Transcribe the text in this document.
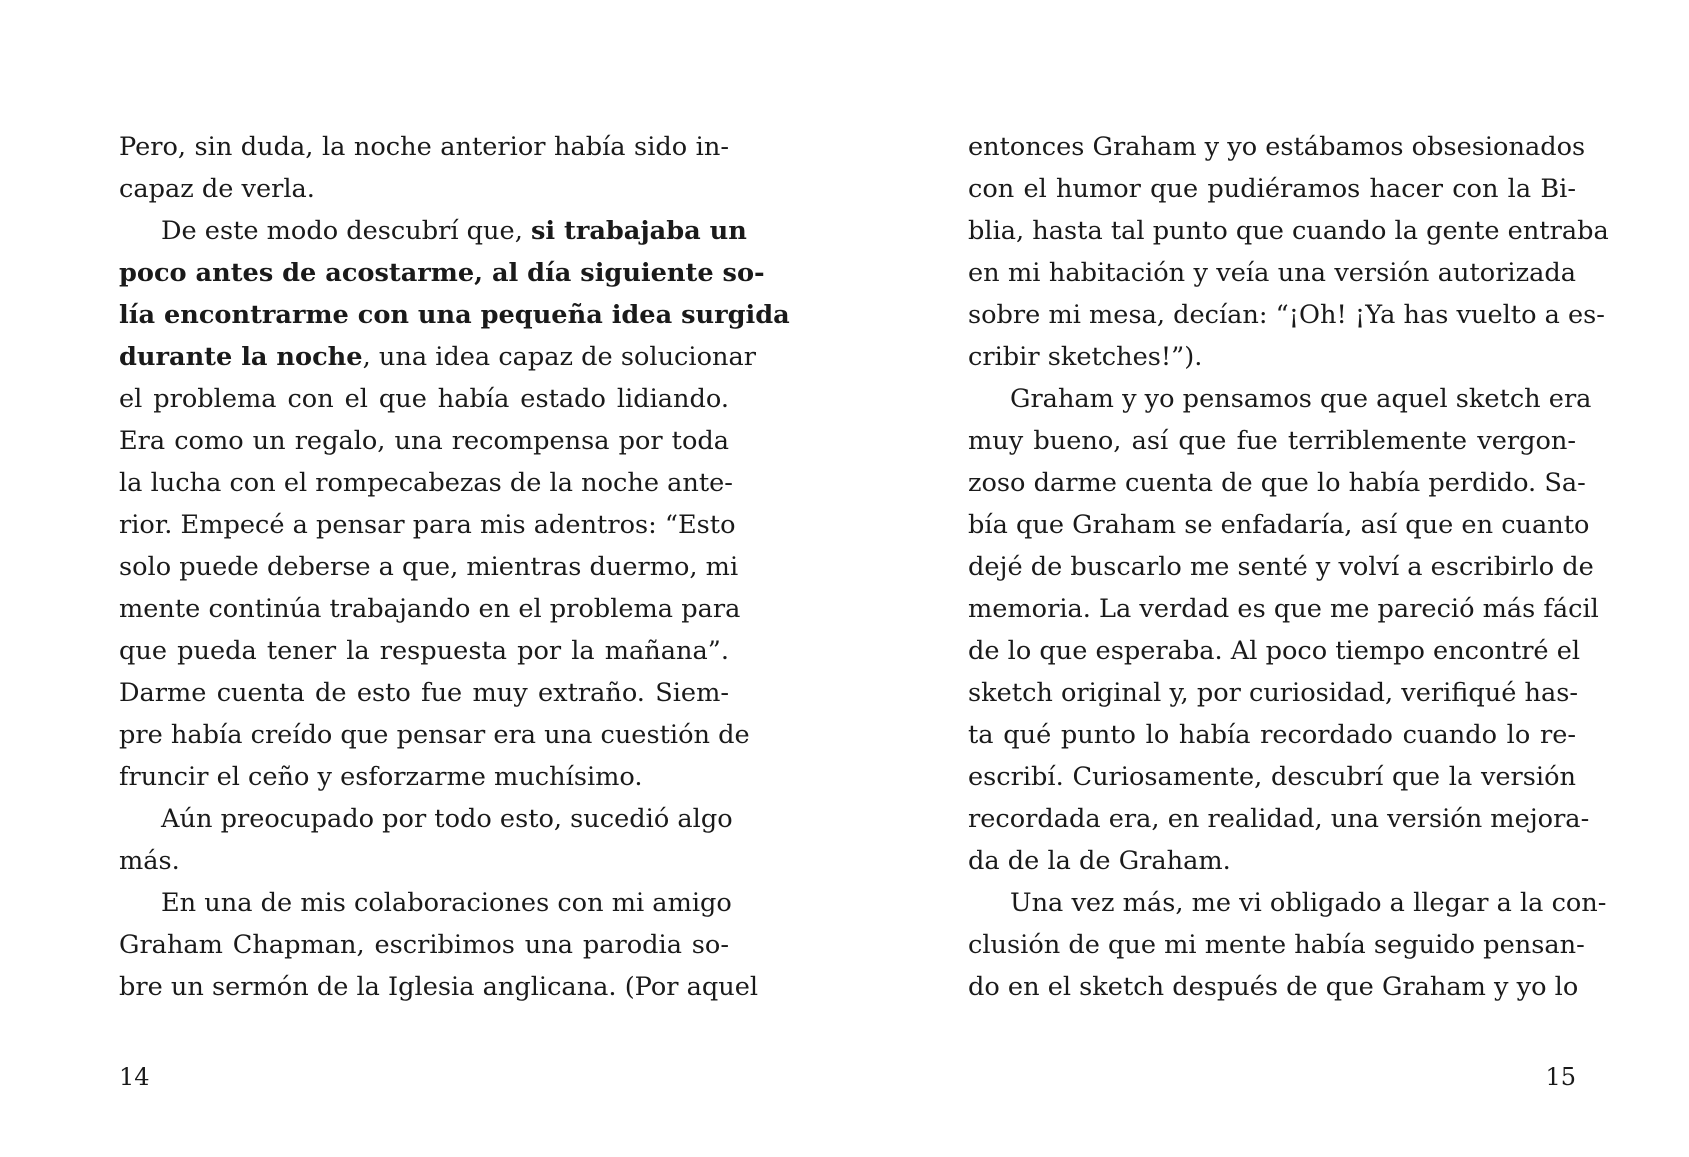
Pero, sin duda, la noche anterior había sido in-
capaz de verla.
De este modo descubrí que, si trabajaba un
poco antes de acostarme, al día siguiente so-
lía encontrarme con una pequeña idea surgida
durante la noche, una idea capaz de solucionar
el problema con el que había estado lidiando.
Era como un regalo, una recompensa por toda
la lucha con el rompecabezas de la noche ante-
rior. Empecé a pensar para mis adentros: “Esto
solo puede deberse a que, mientras duermo, mi
mente continúa trabajando en el problema para
que pueda tener la respuesta por la mañana”.
Darme cuenta de esto fue muy extraño. Siem-
pre había creído que pensar era una cuestión de
fruncir el ceño y esforzarme muchísimo.
Aún preocupado por todo esto, sucedió algo
más.
En una de mis colaboraciones con mi amigo
Graham Chapman, escribimos una parodia so-
bre un sermón de la Iglesia anglicana. (Por aquel
14
entonces Graham y yo estábamos obsesionados
con el humor que pudiéramos hacer con la Bi-
blia, hasta tal punto que cuando la gente entraba
en mi habitación y veía una versión autorizada
sobre mi mesa, decían: “¡Oh! ¡Ya has vuelto a es-
cribir sketches!”).
Graham y yo pensamos que aquel sketch era
muy bueno, así que fue terriblemente vergon-
zoso darme cuenta de que lo había perdido. Sa-
bía que Graham se enfadaría, así que en cuanto
dejé de buscarlo me senté y volví a escribirlo de
memoria. La verdad es que me pareció más fácil
de lo que esperaba. Al poco tiempo encontré el
sketch original y, por curiosidad, verifiqué has-
ta qué punto lo había recordado cuando lo re-
escribí. Curiosamente, descubrí que la versión
recordada era, en realidad, una versión mejora-
da de la de Graham.
Una vez más, me vi obligado a llegar a la con-
clusión de que mi mente había seguido pensan-
do en el sketch después de que Graham y yo lo
15
